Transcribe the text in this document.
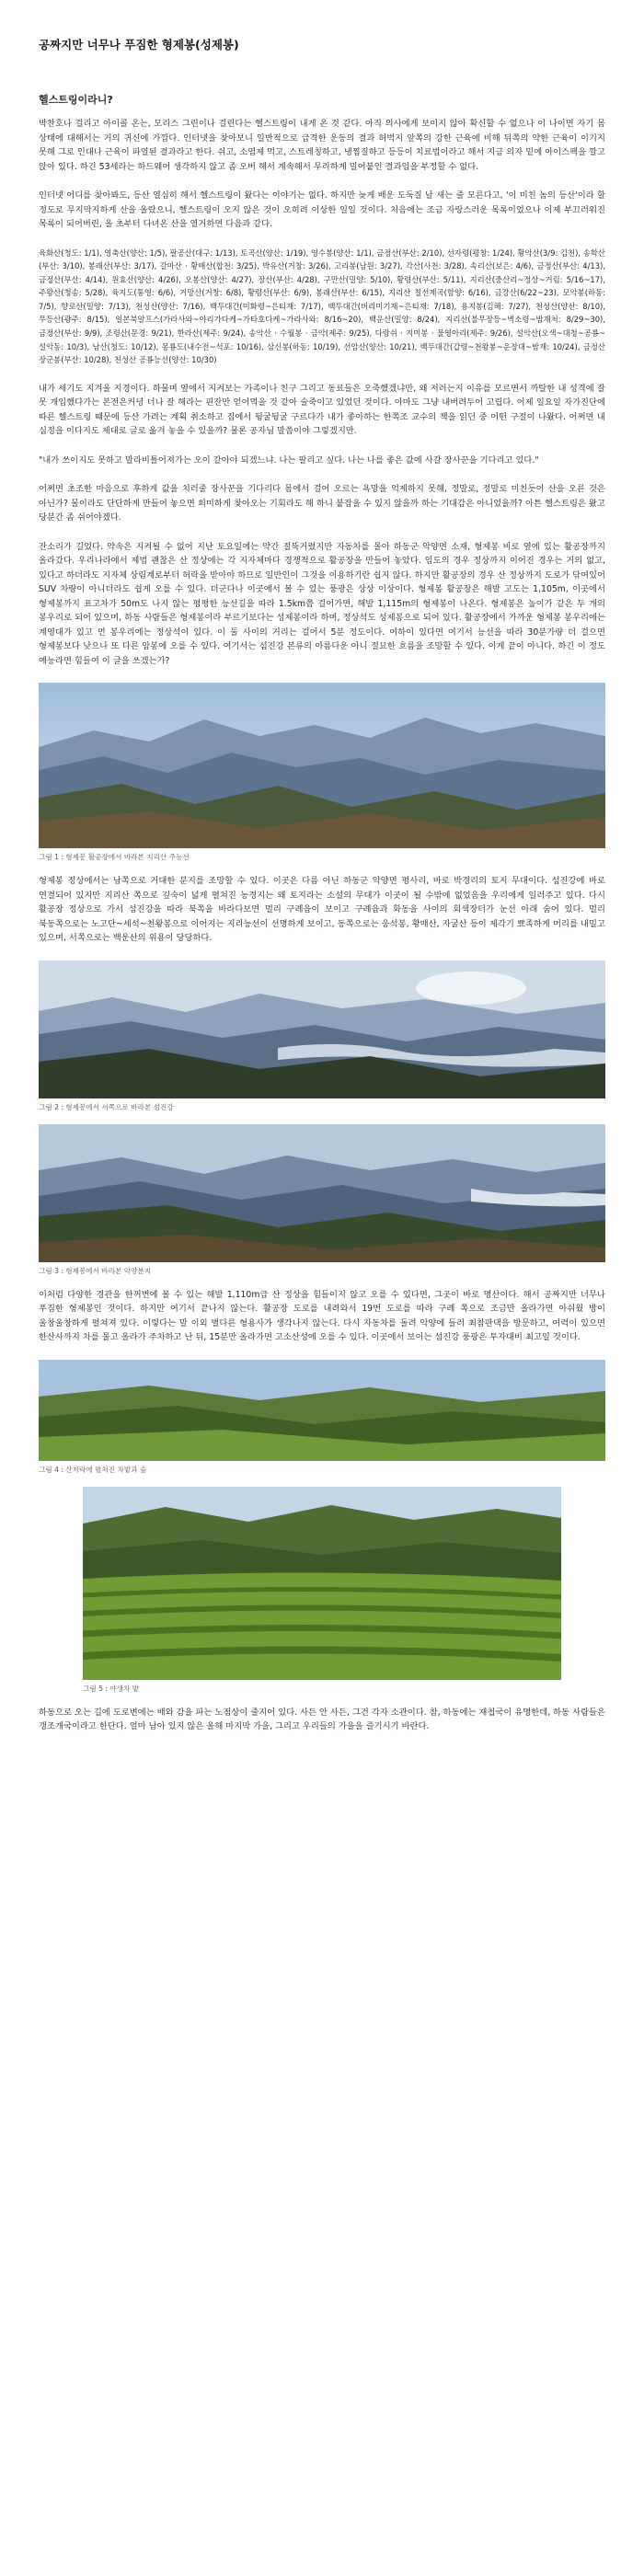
공짜지만 너무나 푸짐한 형제봉(성제봉)
헬스트링이라니?

박찬호나 걸리고 아이콜 온는, 모리스 그린이나 걸린다는 헬스트링이 내게 온 것 같다. 아직 의사에게 보이지 않아 확신할 수 없으나 이 나이면 자기 몸 상태에 대해서는 거의 귀신에 가깝다. 인터넷을 찾아보니 일반적으로 급격한 운동의 결과 허벅지 앞쪽의 강한 근육에 비해 뒤쪽의 약한 근육이 이기지 못해 그로 인대나 근육이 파열된 결과라고 한다. 쉬고, 소염제 먹고, 스트레칭하고, 냉찜질하고 등등이 치료법이라고 해서 지금 의자 밑에 아이스팩을 깔고 앉아 있다. 하긴 53세라는 하드웨어 생각하지 않고 좀 오버 해서 계속해서 무리하게 밀어붙인 결과임을 부정할 수 없다.

인터넷 어디를 찾아봐도, 등산 열심히 해서 헬스트링이 왔다는 이야기는 없다. 하지만 늦게 배운 도둑질 날 새는 줄 모른다고, '이 미친 놈의 등산'이라 할 정도로 무지막지하게 산을 올랐으니, 헬스트링이 오지 않은 것이 오히려 이상한 일일 것이다. 처음에는 조금 자랑스러운 목록이었으나 이제 부끄러워진 목록이 되어버린, 올 초부터 다녀온 산을 열거하면 다음과 같다.

육화산(청도: 1/1), 영축산(양산: 1/5), 팔공산(대구: 1/13), 토곡산(양산: 1/19), 영수봉(양산: 1/1), 금정산(부산: 2/10), 선자령(평창: 1/24), 황악산(3/9: 김천), 송학산(부산: 3/10), 봉래산(부산: 3/17), 갈마산 · 황매산(합천: 3/25), 박유산(거창: 3/26), 고리봉(남원: 3/27), 각산(사천: 3/28), 속리산(보은: 4/6), 금정산(부산: 4/13), 금정산(부산: 4/14), 원효산(양산: 4/26), 오봉산(양산: 4/27), 장산(부산: 4/28), 구만산(밀양: 5/10), 황령산(부산: 5/11), 지리산(중산리~정상~거림: 5/16~17), 주왕산(청송: 5/28), 육지도(통영: 6/6), 거망산(거창: 6/8), 황령산(부산: 6/9), 봉래산(부산: 6/15), 지리산 칠선계곡(함양: 6/16), 금강산(6/22~23), 모악봉(하동: 7/5), 향로산(밀양: 7/13), 천성산(양산: 7/16), 백두대간(미화령~은티재: 7/17), 백두대간(버리미기재~은티재: 7/18), 용지봉(김해: 7/27), 천성산(양산: 8/10), 무등산(광주: 8/15), 일본북알프스(가라사와~야리가다케~가타호다케~가라사와: 8/16~20), 백운산(밀양: 8/24), 지리산(불무장등~벽소령~밤재처: 8/29~30), 금정산(부산: 9/9), 조령산(문경: 9/21), 한라산(제주: 9/24), 송악산 · 수월봉 · 금악(제주: 9/25), 다랑쉬 · 지미봉 · 물영아리(제주: 9/26), 설악산(오색~대청~공룡~설악동: 10/3), 남산(청도: 10/12), 몽룡도(내수전~석포: 10/16), 삼신봉(하동: 10/19), 선암산(양산: 10/21), 백두대간(갑령~천왕봉~운장대~밤재: 10/24), 금정산 장군봉(부산: 10/28), 천성산 공룡능선(양산: 10/30)

내가 세기도 지겨울 지경이다. 하물며 옆에서 지켜보는 가족이나 친구 그리고 동료들은 오죽했겠냐만, 왜 저러는지 이유를 모르면서 까탈한 내 성격에 잘 못 개입했다가는 본전은커녕 너나 잘 해라는 핀잔만 얻어먹을 것 같아 술죽이고 있었던 것이다. 아마도 그냥 내버려두어 고립다. 어제 일요일 자가진단에 따른 헬스트링 때문에 등산 가려는 계획 취소하고 집에서 뒹굴뒹굴 구르다가 내가 좋아하는 한쪽조 교수의 책을 읽던 중 어떤 구절이 나왔다. 어쩌면 내 심정을 이다지도 제대로 글로 옮겨 놓을 수 있을까? 물론 공자님 말씀이야 그렇겠지만.

"내가 쓰이지도 못하고 말라비틀어져가는 오이 같아야 되겠느냐. 나는 팔리고 싶다. 나는 나를 좋은 값에 사갈 장사꾼을 기다리고 있다."

어쩌면 초조한 마음으로 후하게 값을 치러줄 장사꾼을 기다리다 몸에서 걸어 오르는 욕망을 억제하지 못해, 정말로, 정말로 미친듯이 산을 오른 것은 아닌가? 물이라도 단단하게 만들어 놓으면 희미하게 찾아오는 기회라도 해 하니 붙잡을 수 있지 않을까 하는 기대감은 아니었을까? 아튼 헬스트링은 왔고 당분간 좀 쉬어야겠다.

잔소리가 길었다. 약속은 지켜될 수 없어 지난 토요일에는 약간 절뚝거렸지만 자동차를 몰아 하동군 악양면 소재, 형제봉 비로 옆에 있는 활공장까지 올라갔다. 우리나라에서 제법 괜찮은 산 정상에는 각 지자체마다 경쟁적으로 활공장을 만들어 놓았다. 임도의 경우 정상까지 이어진 경우는 거의 없고, 있다고 하더라도 지자체 상림계로부터 허락을 받아야 하므로 일반인이 그것을 이용하기란 쉽지 않다. 하지만 활공장의 경우 산 정상까지 도로가 닦여있어 SUV 차량이 아니더라도 쉽게 오를 수 있다. 더군다나 이곳에서 볼 수 있는 풍광은 상상 이상이다. 형제봉 활공장은 해발 고도는 1,105m, 이곳에서 형제봉까지 표고차가 50m도 나지 않는 평평한 능선길을 따라 1.5km쯤 걸어가면, 해발 1,115m의 형제봉이 나온다. 형제봉은 높이가 같은 두 개의 봉우리로 되어 있으며, 하동 사람들은 형제봉이라 부르기보다는 성제봉이라 하며, 정상석도 성제봉으로 되어 있다. 활공장에서 가까운 형제봉 봉우리에는 계영대가 있고 먼 봉우리에는 정상석이 있다. 이 둘 사이의 거리는 걸어서 5분 정도이다. 여하이 있다면 여기서 능선을 따라 30분가량 더 걸으면 형제봉보다 낮으나 또 다른 암봉에 오를 수 있다. 여기서는 섬진강 본류의 아름다운 아니 절묘한 흐름을 조망할 수 있다. 이게 끝이 아니다. 하긴 이 정도 예능라면 힘들여 이 글을 쓰겠는가?

그림 1 : 형제봉 활공장에서 바라본 지리산 주능선

형제봉 정상에서는 남쪽으로 거대한 분지를 조망할 수 있다. 이곳은 다름 아닌 하동군 악양면 평사리, 바로 박경리의 토지 무대이다. 섬진강에 바로 연결되어 있지만 지리산 쪽으로 깊숙이 넓게 펼쳐진 농경지는 왜 토지라는 소설의 무대가 이곳이 될 수밖에 없었음을 우리에게 일러주고 있다. 다시 활공장 정상으로 가서 섬진강을 따라 북쪽을 바라다보면 멀리 구례읍이 보이고 구례읍과 화동을 사이의 회색장터가 눈선 아래 숨어 있다. 멀리 북동쪽으로는 노고단~세석~천왕봉으로 이어지는 지리능선이 선명하게 보이고, 동쪽으로는 웅석봉, 황매산, 자굴산 등이 제각기 뾰족하게 머리를 내밀고 있으며, 서쪽으로는 백운산의 위용이 당당하다.

그림 2 : 형제봉에서 서쪽으로 바라본 섬진강
그림 3 : 형제봉에서 바라본 악양분지

이처럼 다양한 경관을 한꺼번에 볼 수 있는 해발 1,110m급 산 정상을 힘들이지 않고 오를 수 있다면, 그곳이 바로 명산이다. 해서 공짜지만 너무나 푸짐한 형제봉인 것이다. 하지만 여기서 끝나지 않는다. 활공장 도로를 내려와서 19번 도로를 따라 구례 쪽으로 조금만 올라가면 아쉬웠 방이 울창울창하게 펼쳐져 있다. 이렇다는 말 이외 별다른 형용사가 생각나지 않는다. 다시 자동차를 돌려 악양에 들러 최참판댁을 방문하고, 여력이 있으면 한산사까지 차를 몰고 올라가 주차하고 난 뒤, 15분만 올라가면 고소산성에 오를 수 있다. 이곳에서 보이는 섬진강 풍광은 투자대비 최고일 것이다.

그림 4 : 산자락에 펼쳐진 차밭과 숲
그림 5 : 야생차 밭

하동으로 오는 길에 도로변에는 배와 감을 파는 노점상이 줄지어 있다. 사든 안 사든, 그건 각자 소관이다. 참, 하동에는 재첩국이 유명한데, 하동 사람들은 갱조개국이라고 한단다. 얼마 남아 있지 않은 올해 마지막 가을, 그리고 우리들의 가을을 즐기시기 바란다.
